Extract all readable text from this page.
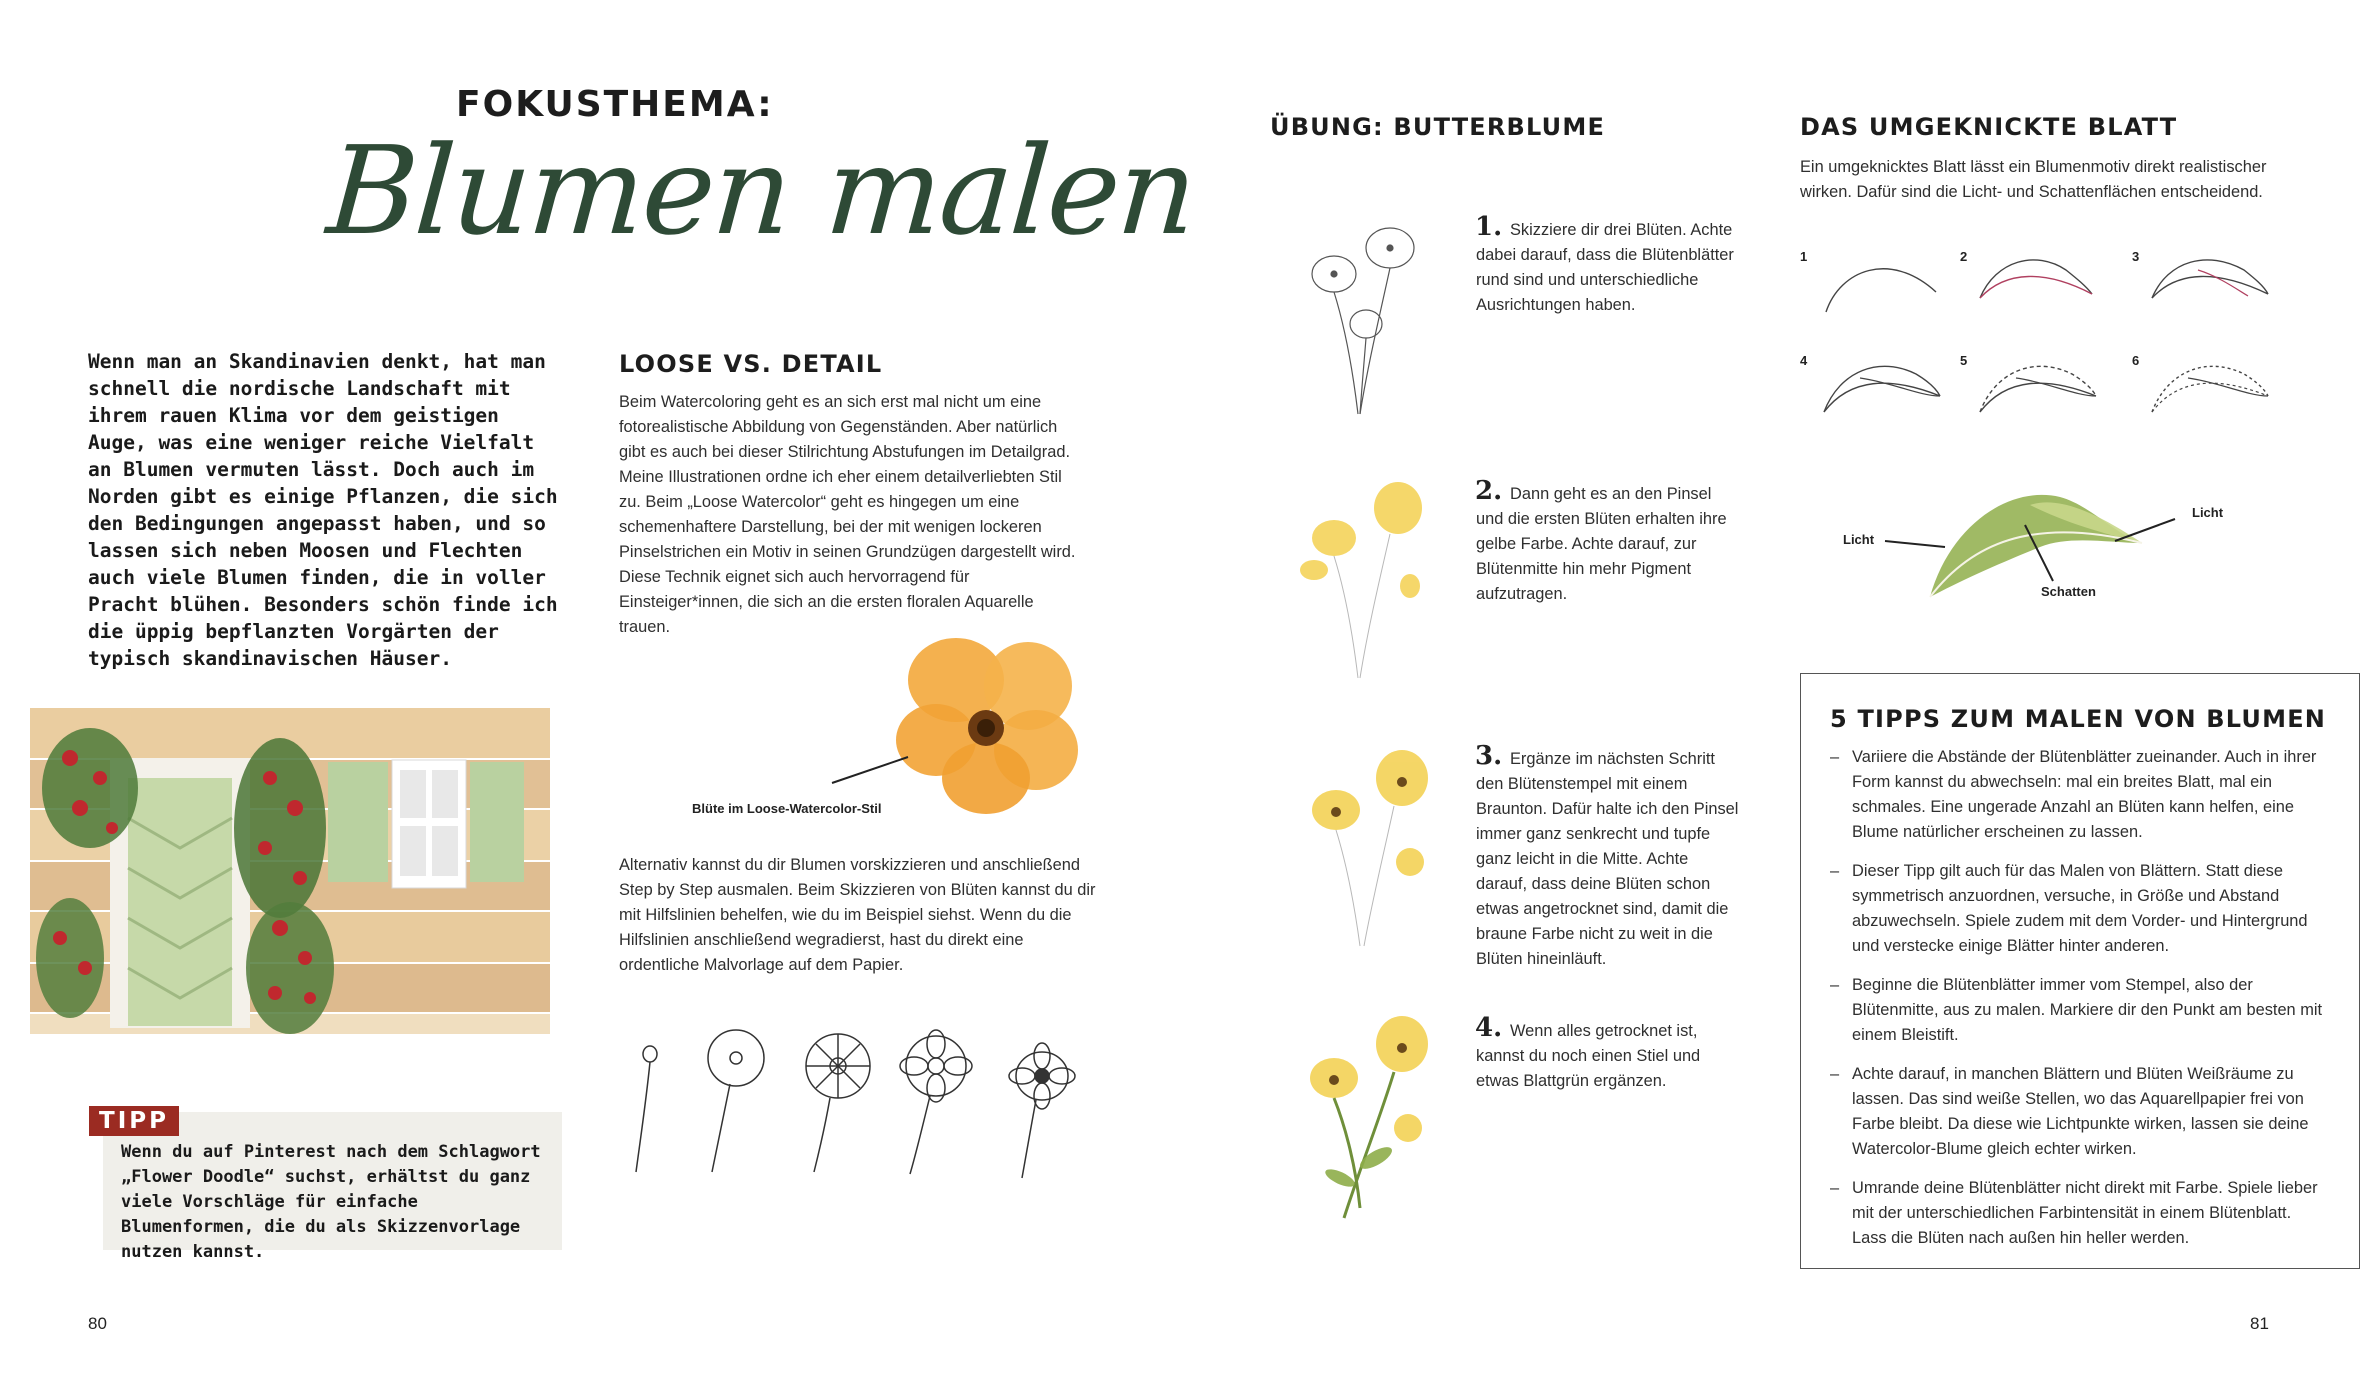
FOKUSTHEMA:
Blumen malen
Wenn man an Skandinavien denkt, hat man schnell die nordische Landschaft mit ihrem rauen Klima vor dem geistigen Auge, was eine weniger reiche Vielfalt an Blumen vermuten lässt. Doch auch im Norden gibt es einige Pflanzen, die sich den Bedingungen angepasst haben, und so lassen sich neben Moosen und Flechten auch viele Blumen finden, die in voller Pracht blühen. Besonders schön finde ich die üppig bepflanzten Vorgärten der typisch skandinavischen Häuser.
TIPP
Wenn du auf Pinterest nach dem Schlagwort „Flower Doodle“ suchst, erhältst du ganz viele Vorschläge für einfache Blumenformen, die du als Skizzenvorlage nutzen kannst.
LOOSE VS. DETAIL
Beim Watercoloring geht es an sich erst mal nicht um eine fotorealistische Abbildung von Gegenständen. Aber natürlich gibt es auch bei dieser Stilrichtung Abstufungen im Detailgrad. Meine Illustrationen ordne ich eher einem detailverliebten Stil zu. Beim „Loose Watercolor“ geht es hingegen um eine schemenhaftere Darstellung, bei der mit wenigen lockeren Pinselstrichen ein Motiv in seinen Grundzügen dargestellt wird. Diese Technik eignet sich auch hervorragend für Einsteiger*innen, die sich an die ersten floralen Aquarelle trauen.
Blüte im Loose-Watercolor-Stil
Alternativ kannst du dir Blumen vorskizzieren und anschließend Step by Step ausmalen. Beim Skizzieren von Blüten kannst du dir mit Hilfslinien behelfen, wie du im Beispiel siehst. Wenn du die Hilfslinien anschließend wegradierst, hast du direkt eine ordentliche Malvorlage auf dem Papier.
80
ÜBUNG: BUTTERBLUME
1. Skizziere dir drei Blüten. Achte dabei darauf, dass die Blütenblätter rund sind und unterschiedliche Ausrichtungen haben.
2. Dann geht es an den Pinsel und die ersten Blüten erhalten ihre gelbe Farbe. Achte darauf, zur Blütenmitte hin mehr Pigment aufzutragen.
3. Ergänze im nächsten Schritt den Blütenstempel mit einem Braunton. Dafür halte ich den Pinsel immer ganz senkrecht und tupfe ganz leicht in die Mitte. Achte darauf, dass deine Blüten schon etwas angetrocknet sind, damit die braune Farbe nicht zu weit in die Blüten hineinläuft.
4. Wenn alles getrocknet ist, kannst du noch einen Stiel und etwas Blattgrün ergänzen.
DAS UMGEKNICKTE BLATT
Ein umgeknicktes Blatt lässt ein Blumenmotiv direkt realistischer wirken. Dafür sind die Licht- und Schattenflächen entscheidend.
1	2	3
4	5	6
Licht
Licht
Schatten
5 TIPPS ZUM MALEN VON BLUMEN
– Variiere die Abstände der Blütenblätter zueinander. Auch in ihrer Form kannst du abwechseln: mal ein breites Blatt, mal ein schmales. Eine ungerade Anzahl an Blüten kann helfen, eine Blume natürlicher erscheinen zu lassen.
– Dieser Tipp gilt auch für das Malen von Blättern. Statt diese symmetrisch anzuordnen, versuche, in Größe und Abstand abzuwechseln. Spiele zudem mit dem Vorder- und Hintergrund und verstecke einige Blätter hinter anderen.
– Beginne die Blütenblätter immer vom Stempel, also der Blütenmitte, aus zu malen. Markiere dir den Punkt am besten mit einem Bleistift.
– Achte darauf, in manchen Blättern und Blüten Weißräume zu lassen. Das sind weiße Stellen, wo das Aquarellpapier frei von Farbe bleibt. Da diese wie Lichtpunkte wirken, lassen sie deine Watercolor-Blume gleich echter wirken.
– Umrande deine Blütenblätter nicht direkt mit Farbe. Spiele lieber mit der unterschiedlichen Farbintensität in einem Blütenblatt. Lass die Blüten nach außen hin heller werden.
81
